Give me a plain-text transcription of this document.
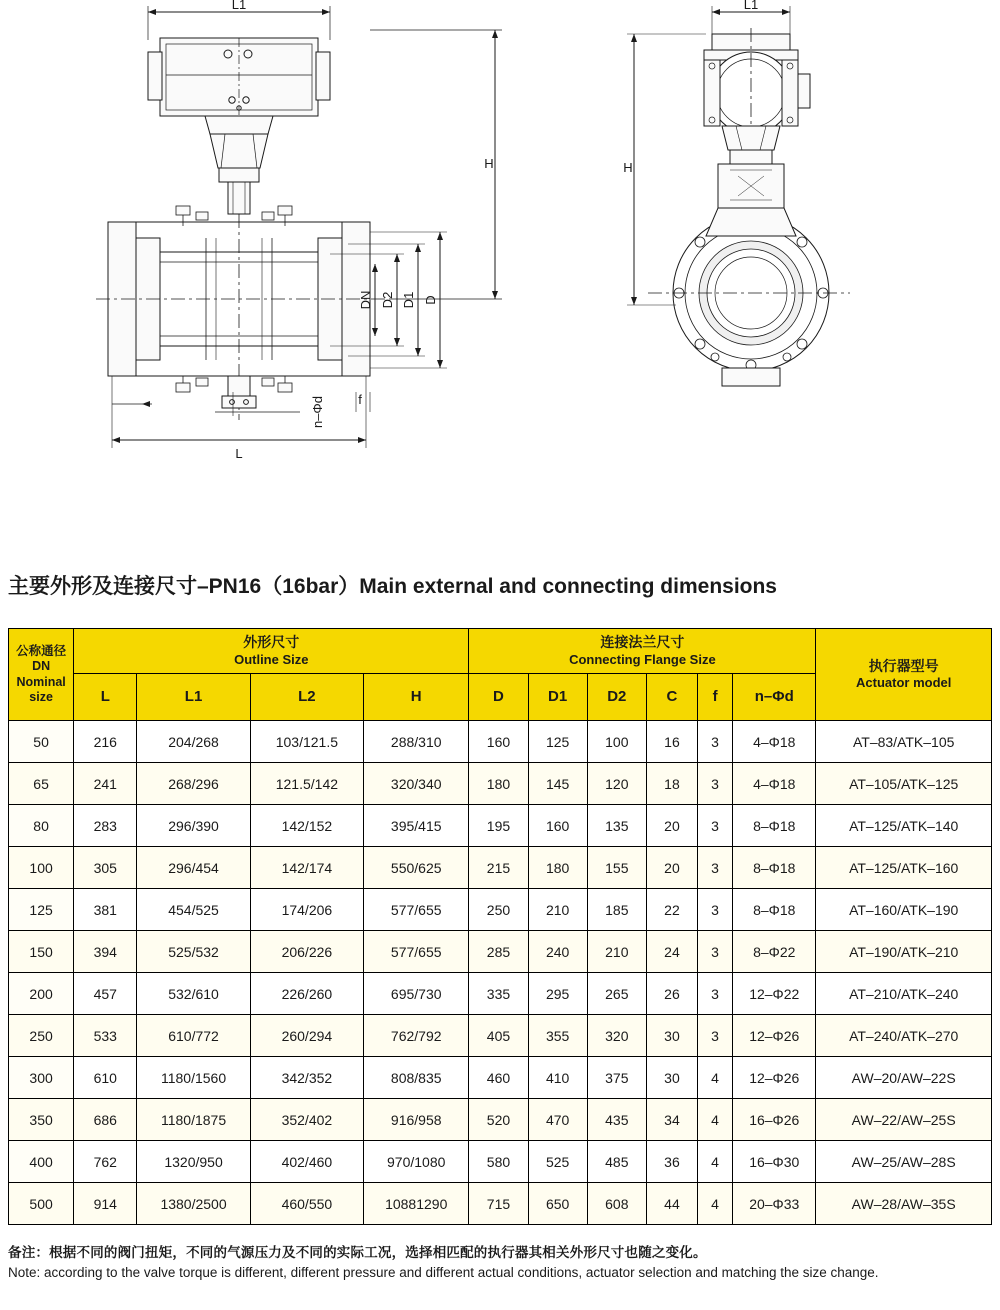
L1
H
DN D2 D1 D
n–Φd	f
L
L1
H
主要外形及连接尺寸–PN16（16bar）Main external and connecting dimensions
公称通径
DN
Nominal
size

外形尺寸
Outline Size

连接法兰尺寸
Connecting Flange Size	执行器型号
Actuator model

	L	L1	L2	H	D	D1	D2	C	f	n–Φd	
50	216	204/268	103/121.5	288/310	160	125	100	16	3	4–Φ18	AT–83/ATK–105
65	241	268/296	121.5/142	320/340	180	145	120	18	3	4–Φ18	AT–105/ATK–125
80	283	296/390	142/152	395/415	195	160	135	20	3	8–Φ18	AT–125/ATK–140
100	305	296/454	142/174	550/625	215	180	155	20	3	8–Φ18	AT–125/ATK–160
125	381	454/525	174/206	577/655	250	210	185	22	3	8–Φ18	AT–160/ATK–190
150	394	525/532	206/226	577/655	285	240	210	24	3	8–Φ22	AT–190/ATK–210
200	457	532/610	226/260	695/730	335	295	265	26	3	12–Φ22	AT–210/ATK–240
250	533	610/772	260/294	762/792	405	355	320	30	3	12–Φ26	AT–240/ATK–270
300	610	1180/1560	342/352	808/835	460	410	375	30	4	12–Φ26	AW–20/AW–22S
350	686	1180/1875	352/402	916/958	520	470	435	34	4	16–Φ26	AW–22/AW–25S
400	762	1320/950	402/460	970/1080	580	525	485	36	4	16–Φ30	AW–25/AW–28S
500	914	1380/2500	460/550	10881290	715	650	608	44	4	20–Φ33	AW–28/AW–35S
备注：根据不同的阀门扭矩，不同的气源压力及不同的实际工况，选择相匹配的执行器其相关外形尺寸也随之变化。
Note: according to the valve torque is different, different pressure and different actual conditions, actuator selection and matching the size change.
